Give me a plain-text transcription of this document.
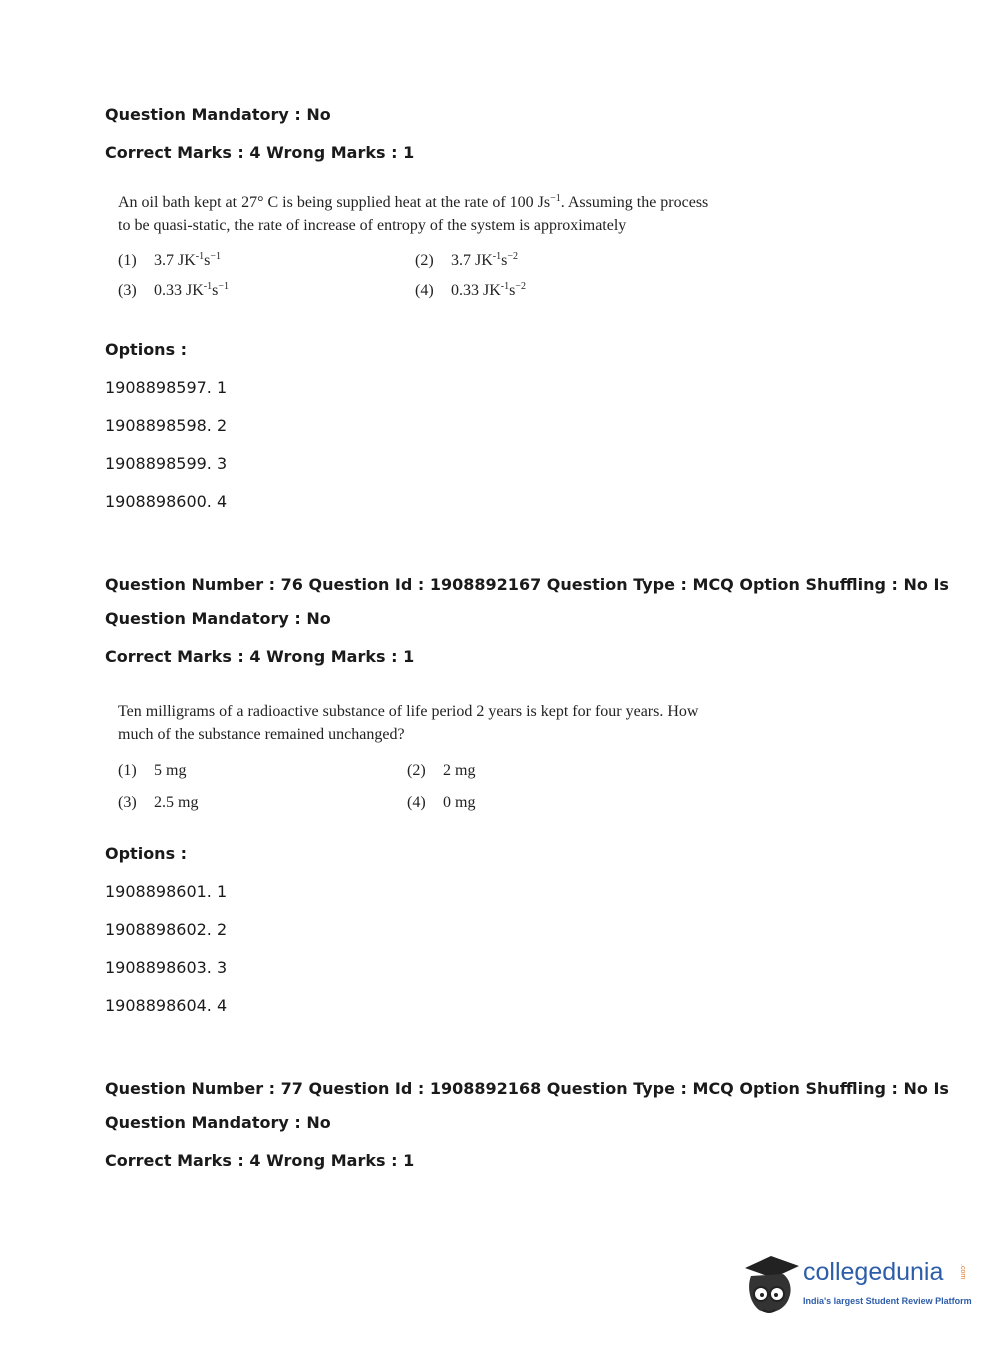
Question Mandatory : No
Correct Marks : 4 Wrong Marks : 1
An oil bath kept at 27° C is being supplied heat at the rate of 100 $Js^{-1}$. Assuming the process
to be quasi-static, the rate of increase of entropy of the system is approximately
(1) 3.7 $JK^{-1}s^{-1}$	(2) 3.7 $JK^{-1}s^{-2}$
(3) 0.33 $JK^{-1}s^{-1}$	(4) 0.33 $JK^{-1}s^{-2}$
Options :
1908898597. 1
1908898598. 2
1908898599. 3
1908898600. 4
Question Number : 76 Question Id : 1908892167 Question Type : MCQ Option Shuffling : No Is
Question Mandatory : No
Correct Marks : 4 Wrong Marks : 1
Ten milligrams of a radioactive substance of life period 2 years is kept for four years. How
much of the substance remained unchanged?
(1) 5 mg	(2) 2 mg
(3) 2.5 mg	(4) 0 mg
Options :
1908898601. 1
1908898602. 2
1908898603. 3
1908898604. 4
Question Number : 77 Question Id : 1908892168 Question Type : MCQ Option Shuffling : No Is
Question Mandatory : No
Correct Marks : 4 Wrong Marks : 1
collegedunia .com
India's largest Student Review Platform
